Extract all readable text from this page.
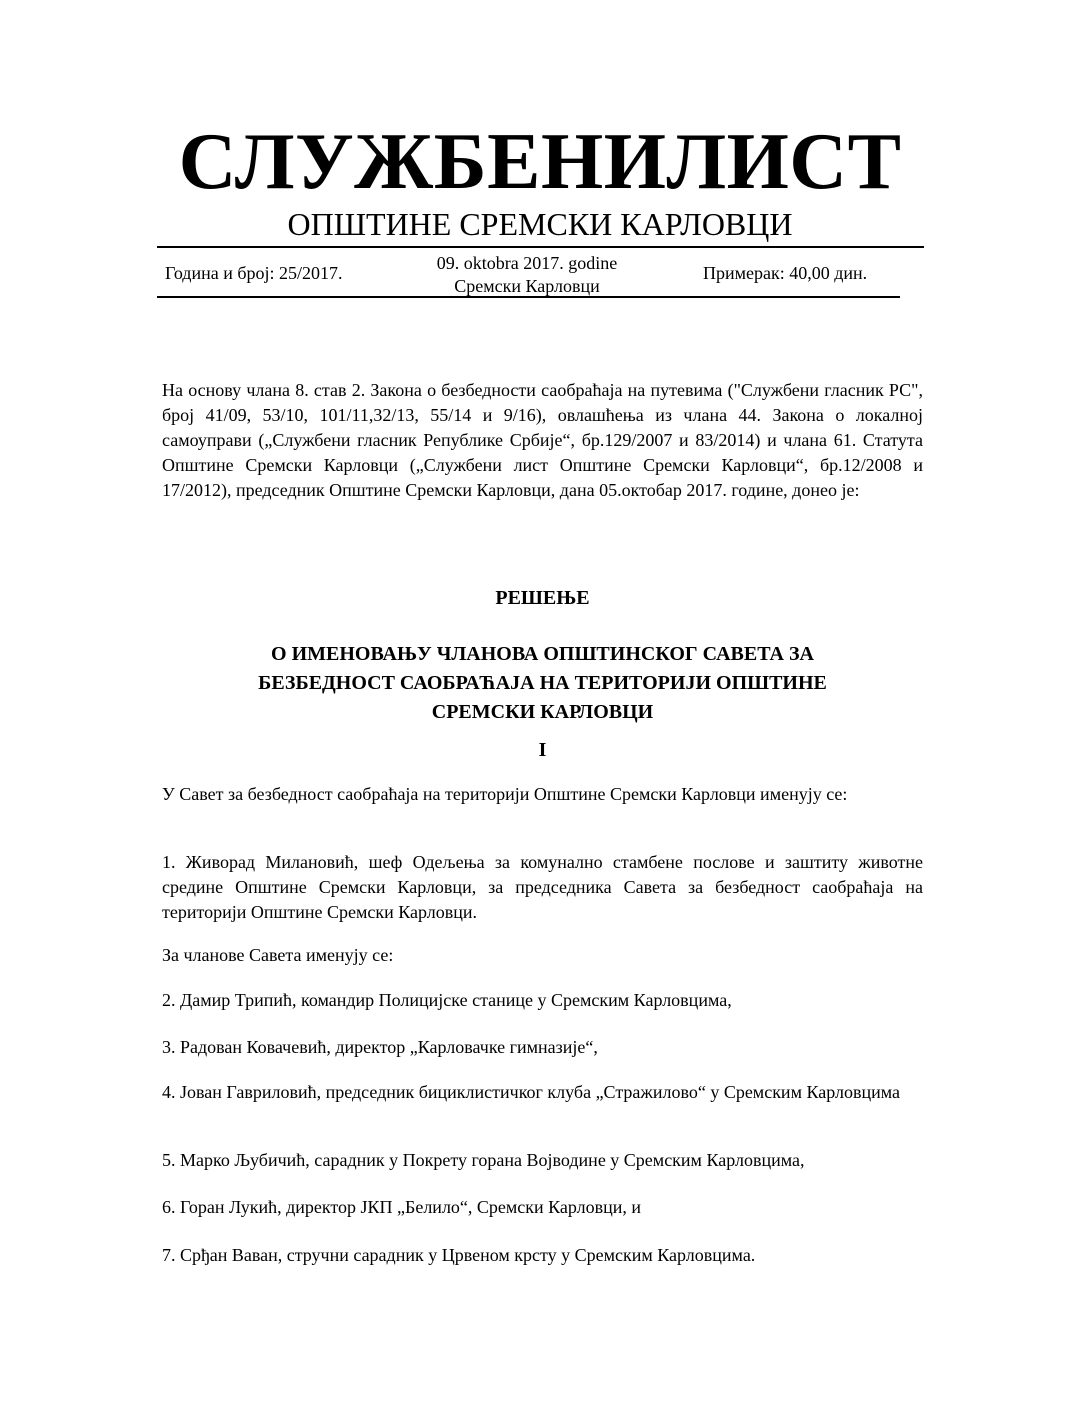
СЛУЖБЕНИЛИСТ
ОПШТИНЕ СРЕМСКИ КАРЛОВЦИ
Година и број: 25/2017.	09. oktobra 2017. godine
Сремски Карловци
Примерак: 40,00 дин.
На основу члана 8. став 2. Закона о безбедности саобраћаја на путевима ("Службени гласник РС", број 41/09, 53/10, 101/11,32/13, 55/14 и 9/16), овлашћења из члана 44. Закона о локалној самоуправи („Службени гласник Републике Србије“, бр.129/2007 и 83/2014) и члана 61. Статута Општине Сремски Карловци („Службени лист Општине Сремски Карловци“, бр.12/2008 и 17/2012), председник Општине Сремски Карловци, дана 05.октобар 2017. године, донео је:
РЕШЕЊЕ
О ИМЕНОВАЊУ ЧЛАНОВА ОПШТИНСКОГ САВЕТА ЗА
БЕЗБЕДНОСТ САОБРАЋАЈА НА ТЕРИТОРИЈИ ОПШТИНЕ
СРЕМСКИ КАРЛОВЦИ
I
У Савет за безбедност саобраћаја на територији Општине Сремски Карловци именују се:
1. Живорад Милановић, шеф Одељења за комунално стамбене послове и заштиту животне средине Општине Сремски Карловци, за председника Савета за безбедност саобраћаја на територији Општине Сремски Карловци.
За чланове Савета именују се:
2. Дамир Трипић, командир Полицијске станице у Сремским Карловцима,
3. Радован Ковачевић, директор „Карловачке гимназије“,
4. Јован Гавриловић, председник бициклистичког клуба „Стражилово“ у Сремским Карловцима
5. Марко Љубичић, сарадник у Покрету горана Војводине у Сремским Карловцима,
6. Горан Лукић, директор ЈКП „Белило“, Сремски Карловци, и
7. Срђан Ваван, стручни сарадник у Црвеном крсту у Сремским Карловцима.
